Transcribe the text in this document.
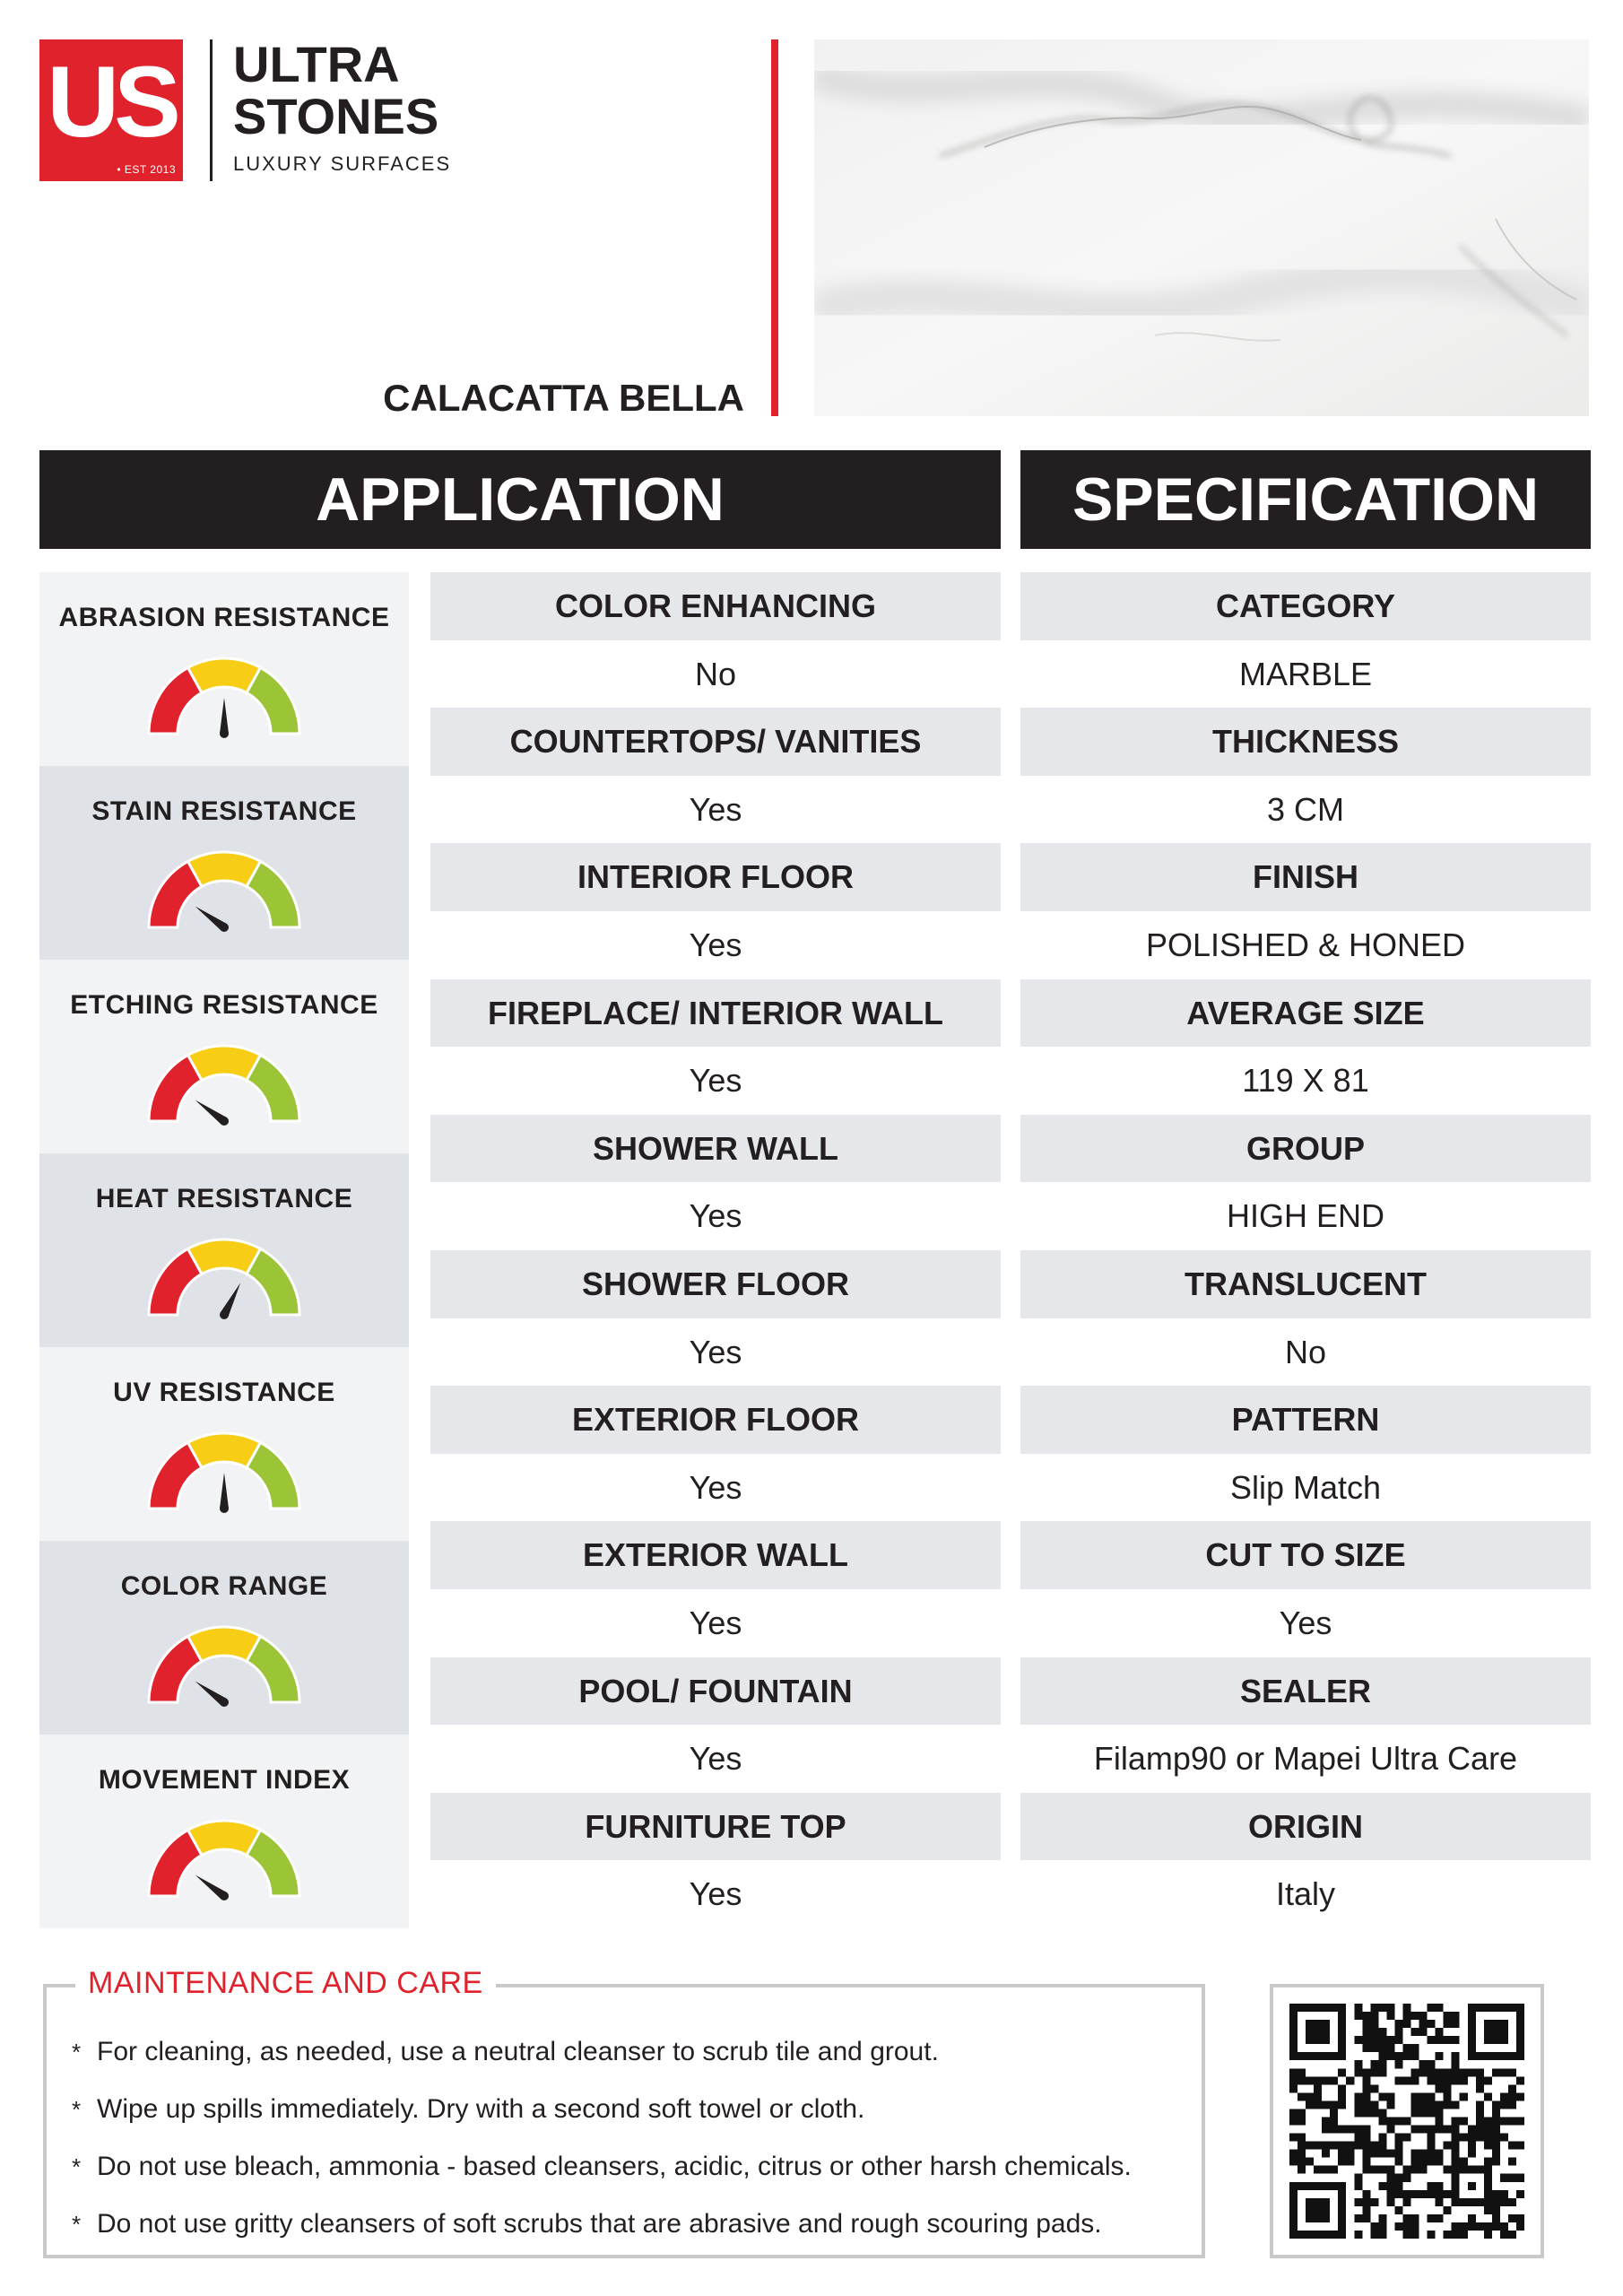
US
• EST 2013
ULTRA
STONES
LUXURY SURFACES
CALACATTA BELLA
APPLICATION	SPECIFICATION
ABRASION RESISTANCE
STAIN RESISTANCE
ETCHING RESISTANCE
HEAT RESISTANCE
UV RESISTANCE
COLOR RANGE
MOVEMENT INDEX
COLOR ENHANCING
No
COUNTERTOPS/ VANITIES
Yes
INTERIOR FLOOR
Yes
FIREPLACE/ INTERIOR WALL
Yes
SHOWER WALL
Yes
SHOWER FLOOR
Yes
EXTERIOR FLOOR
Yes
EXTERIOR WALL
Yes
POOL/ FOUNTAIN
Yes
FURNITURE TOP
Yes
CATEGORY
MARBLE
THICKNESS
3 CM
FINISH
POLISHED & HONED
AVERAGE SIZE
119 X 81
GROUP
HIGH END
TRANSLUCENT
No
PATTERN
Slip Match
CUT TO SIZE
Yes
SEALER
Filamp90 or Mapei Ultra Care
ORIGIN
Italy
MAINTENANCE AND CARE
* For cleaning, as needed, use a neutral cleanser to scrub tile and grout.
* Wipe up spills immediately. Dry with a second soft towel or cloth.
* Do not use bleach, ammonia - based cleansers, acidic, citrus or other harsh chemicals.
* Do not use gritty cleansers of soft scrubs that are abrasive and rough scouring pads.
